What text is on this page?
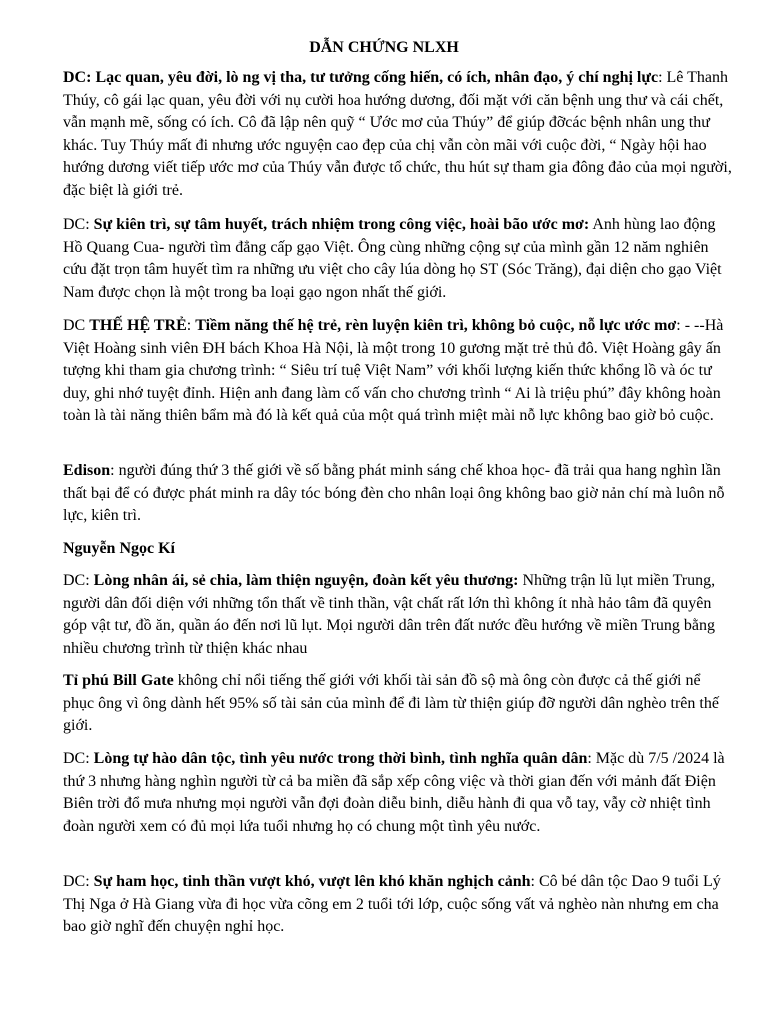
DẪN CHỨNG NLXH

DC: Lạc quan, yêu đời, lò ng vị tha, tư tưởng cống hiến, có ích, nhân đạo, ý chí nghị lực: Lê Thanh Thúy, cô gái lạc quan, yêu đời với nụ cười hoa hướng dương, đối mặt với căn bệnh ung thư và cái chết, vẫn mạnh mẽ, sống có ích. Cô đã lập nên quỹ “ Ước mơ của Thúy” để giúp đỡcác bệnh nhân ung thư khác. Tuy Thúy mất đi nhưng ước nguyện cao đẹp của chị vẫn còn mãi với cuộc đời, “ Ngày hội hao hướng dương viết tiếp ước mơ của Thúy vẫn được tổ chức, thu hút sự tham gia đông đảo của mọi người, đặc biệt là giới trẻ.

DC: Sự kiên trì, sự tâm huyết, trách nhiệm trong công việc, hoài bão ước mơ: Anh hùng lao động Hồ Quang Cua- người tìm đẳng cấp gạo Việt. Ông cùng những cộng sự của mình gần 12 năm nghiên cứu đặt trọn tâm huyết tìm ra những ưu việt cho cây lúa dòng họ ST (Sóc Trăng), đại diện cho gạo Việt Nam được chọn là một trong ba loại gạo ngon nhất thế giới.

DC THẾ HỆ TRẺ: Tiềm năng thế hệ trẻ, rèn luyện kiên trì, không bỏ cuộc, nỗ lực ước mơ: - --Hà Việt Hoàng sinh viên ĐH bách Khoa Hà Nội, là một trong 10 gương mặt trẻ thủ đô. Việt Hoàng gây ấn tượng khi tham gia chương trình: “ Siêu trí tuệ Việt Nam” với khối lượng kiến thức khổng lồ và óc tư duy, ghi nhớ tuyệt đỉnh. Hiện anh đang làm cố vấn cho chương trình “ Ai là triệu phú” đây không hoàn toàn là tài năng thiên bẩm mà đó là kết quả của một quá trình miệt mài nỗ lực không bao giờ bỏ cuộc.

Edison: người đúng thứ 3 thế giới về số bằng phát minh sáng chế khoa học- đã trải qua hang nghìn lần thất bại để có được phát minh ra dây tóc bóng đèn cho nhân loại ông không bao giờ nản chí mà luôn nỗ lực, kiên trì.

Nguyễn Ngọc Kí

DC: Lòng nhân ái, sẻ chia, làm thiện nguyện, đoàn kết yêu thương: Những trận lũ lụt miền Trung, người dân đối diện với những tổn thất về tinh thần, vật chất rất lớn thì không ít nhà hảo tâm đã quyên góp vật tư, đồ ăn, quần áo đến nơi lũ lụt. Mọi người dân trên đất nước đều hướng về miền Trung bằng nhiều chương trình từ thiện khác nhau

Tỉ phú Bill Gate không chỉ nổi tiếng thế giới với khối tài sản đồ sộ mà ông còn được cả thế giới nể phục ông vì ông dành hết 95% số tài sản của mình để đi làm từ thiện giúp đỡ người dân nghèo trên thế giới.

DC: Lòng tự hào dân tộc, tình yêu nước trong thời bình, tình nghĩa quân dân: Mặc dù 7/5 /2024 là thứ 3 nhưng hàng nghìn người từ cả ba miền đã sắp xếp công việc và thời gian đến với mảnh đất Điện Biên trời đổ mưa nhưng mọi người vẫn đợi đoàn diễu binh, diễu hành đi qua vỗ tay, vẫy cờ nhiệt tình đoàn người xem có đủ mọi lứa tuổi nhưng họ có chung một tình yêu nước.

DC: Sự ham học, tinh thần vượt khó, vượt lên khó khăn nghịch cảnh: Cô bé dân tộc Dao 9 tuổi Lý Thị Nga ở Hà Giang vừa đi học vừa cõng em 2 tuổi tới lớp, cuộc sống vất vả nghèo nàn nhưng em cha bao giờ nghĩ đến chuyện nghỉ học.
